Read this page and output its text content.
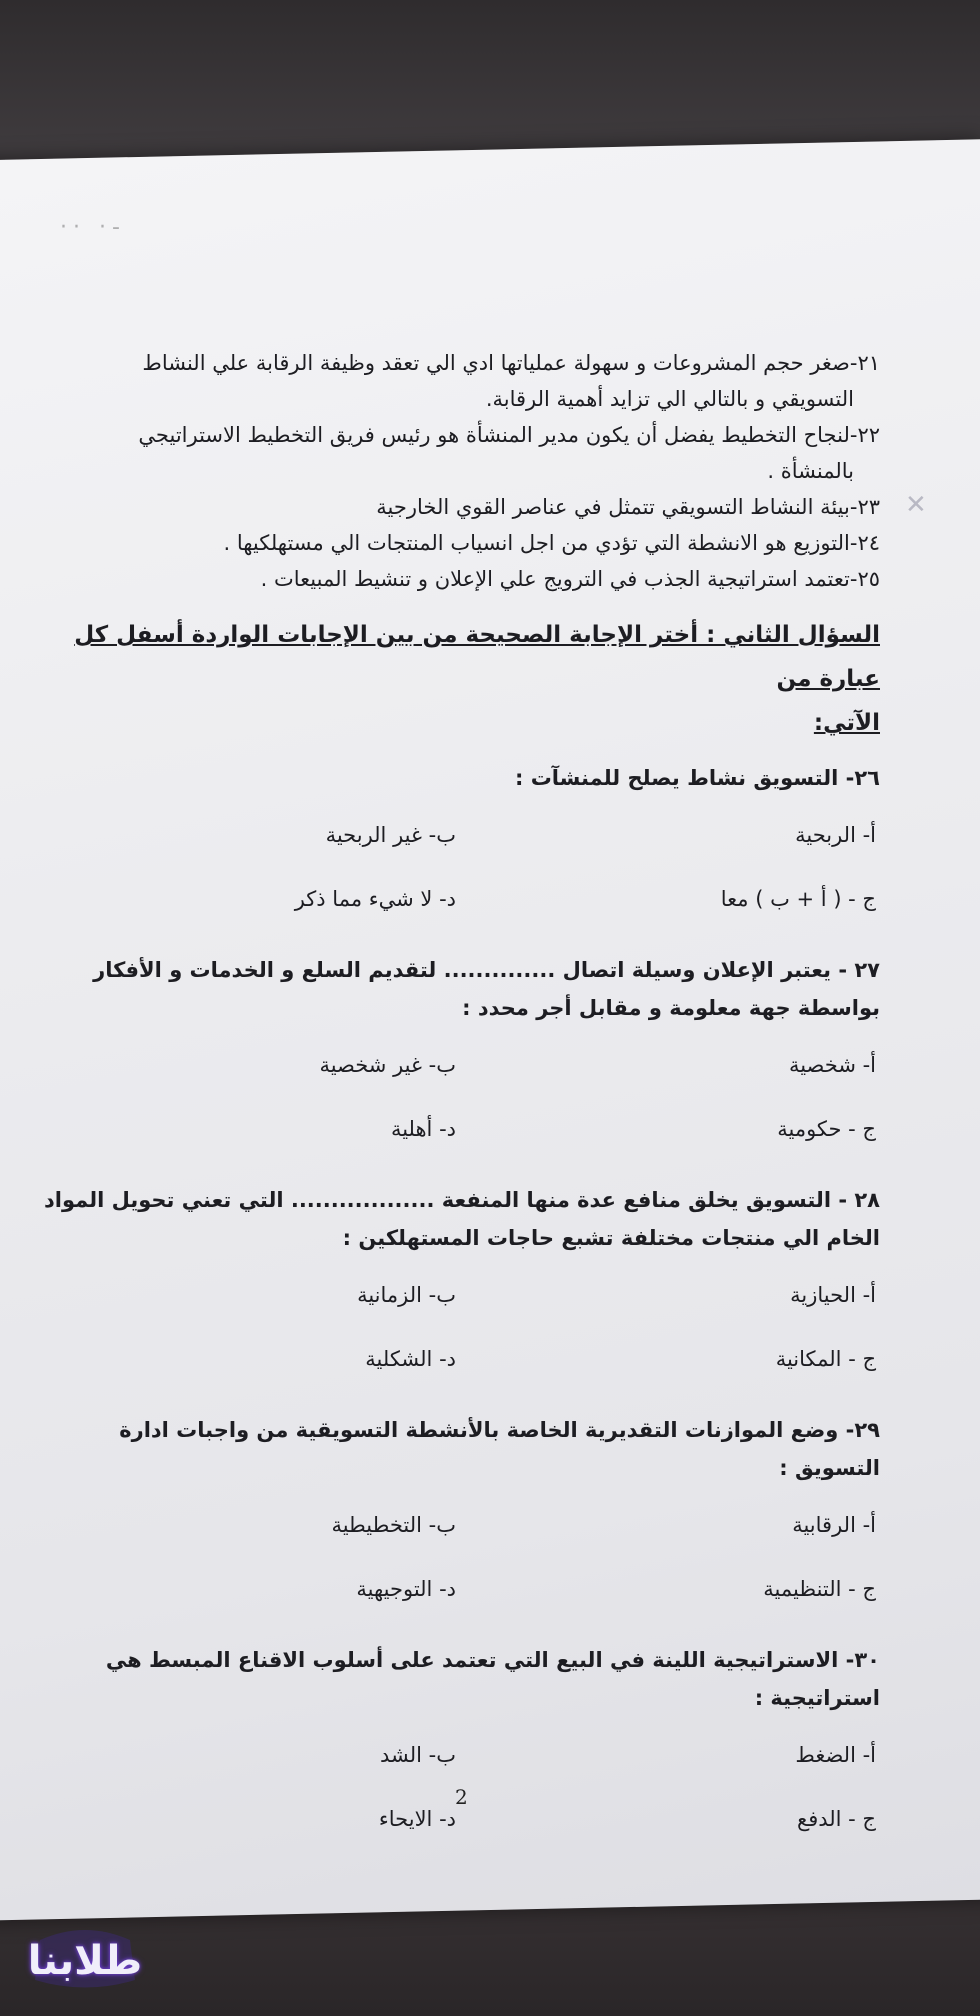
·· ·-
✕
٢١-صغر حجم المشروعات و سهولة عملياتها ادي الي تعقد وظيفة الرقابة علي النشاط
التسويقي و بالتالي الي تزايد أهمية الرقابة.
٢٢-لنجاح التخطيط يفضل أن يكون مدير المنشأة هو رئيس فريق التخطيط الاستراتيجي
بالمنشأة .
٢٣-بيئة النشاط التسويقي تتمثل في عناصر القوي الخارجية
٢٤-التوزيع هو الانشطة التي تؤدي من اجل انسياب المنتجات الي مستهلكيها .
٢٥-تعتمد استراتيجية الجذب في الترويج علي الإعلان و تنشيط المبيعات .
السؤال الثاني : أختر الإجابة الصحيحة من بين الإجابات الواردة أسفل كل عبارة من
الآتي:
٢٦- التسويق نشاط يصلح للمنشآت :
أ- الربحية
ب- غير الربحية
ج - ( أ + ب ) معا
د- لا شيء مما ذكر
٢٧ - يعتبر الإعلان وسيلة اتصال .............. لتقديم السلع و الخدمات و الأفكار
بواسطة جهة معلومة و مقابل أجر محدد :
أ- شخصية
ب- غير شخصية
ج - حكومية
د- أهلية
٢٨ - التسويق يخلق منافع عدة منها المنفعة .................. التي تعني تحويل المواد
الخام الي منتجات مختلفة تشبع حاجات المستهلكين :
أ- الحيازية
ب- الزمانية
ج - المكانية
د- الشكلية
٢٩- وضع الموازنات التقديرية الخاصة بالأنشطة التسويقية من واجبات ادارة التسويق :
أ- الرقابية
ب- التخطيطية
ج - التنظيمية
د- التوجيهية
٣٠- الاستراتيجية اللينة في البيع التي تعتمد على أسلوب الاقناع المبسط هي
استراتيجية :
أ- الضغط
ب- الشد
ج - الدفع
د- الايحاء
2
طلابنا
